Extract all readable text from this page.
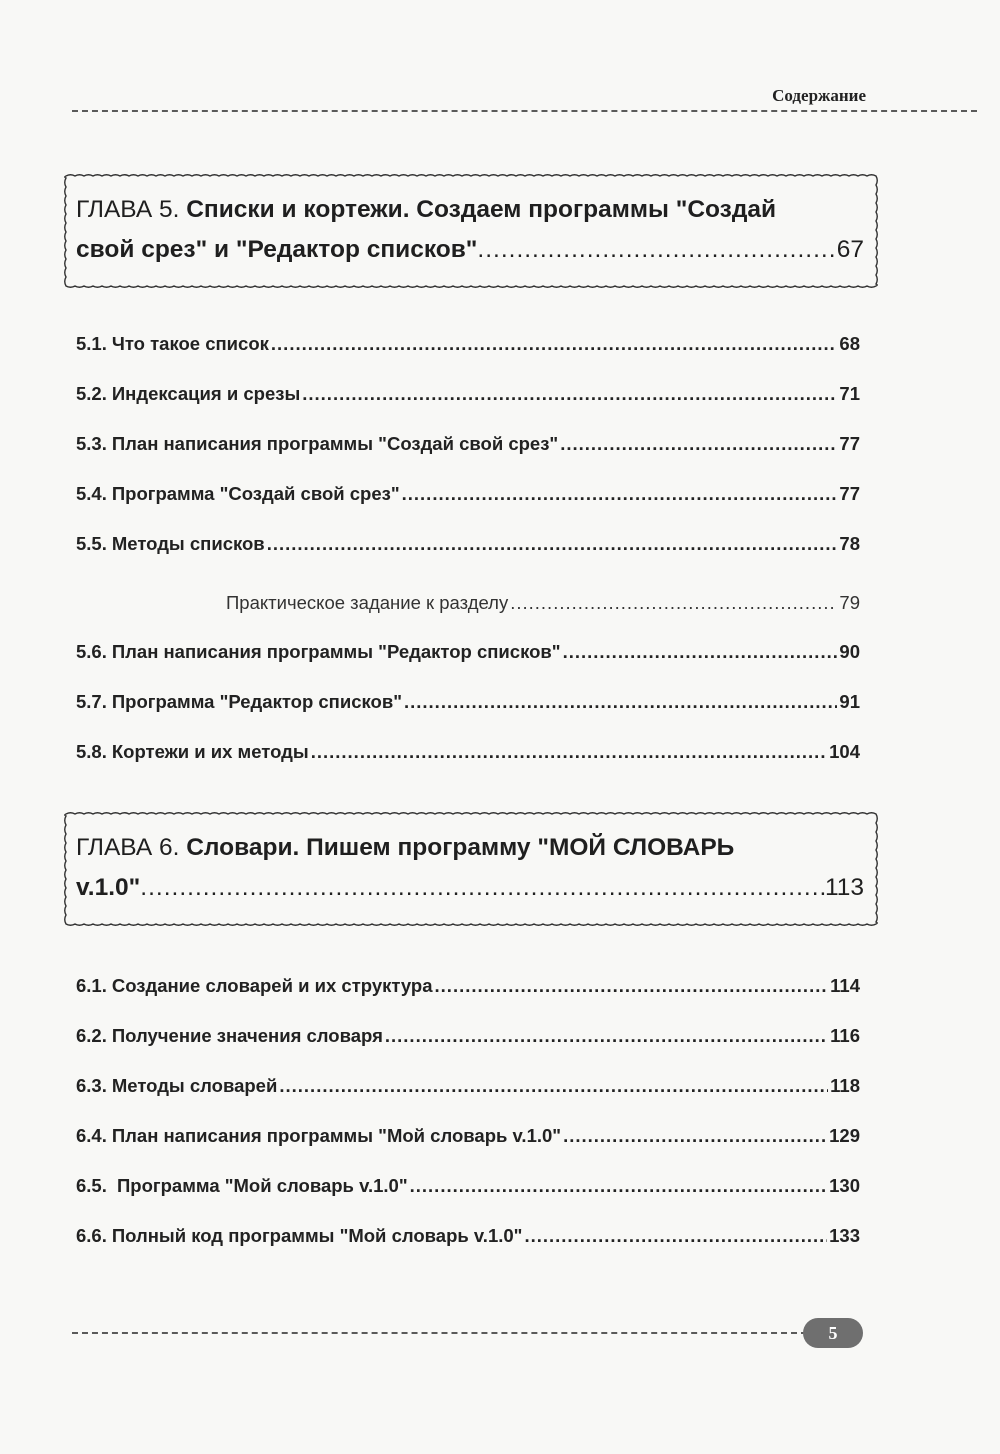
Содержание
ГЛАВА 5.
Списки и кортежи. Создаем программы "Создай
свой срез" и "Редактор списков" .....	67
5.1. Что такое список .....	68
5.2. Индексация и срезы .....	71
5.3. План написания программы "Создай свой срез" .....	77
5.4. Программа "Создай свой срез" .....	77
5.5. Методы списков .....	78
Практическое задание к разделу .....	79
5.6. План написания программы "Редактор списков" .....	90
5.7. Программа "Редактор списков" .....	91
5.8. Кортежи и их методы .....	104
ГЛАВА 6.
Словари. Пишем программу "МОЙ СЛОВАРЬ
v.1.0" .....	113
6.1. Создание словарей и их структура .....	114
6.2. Получение значения словаря .....	116
6.3. Методы словарей .....	118
6.4. План написания программы "Мой словарь v.1.0" .....	129
6.5. Программа "Мой словарь v.1.0" .....	130
6.6. Полный код программы "Мой словарь v.1.0" .....	133
5
